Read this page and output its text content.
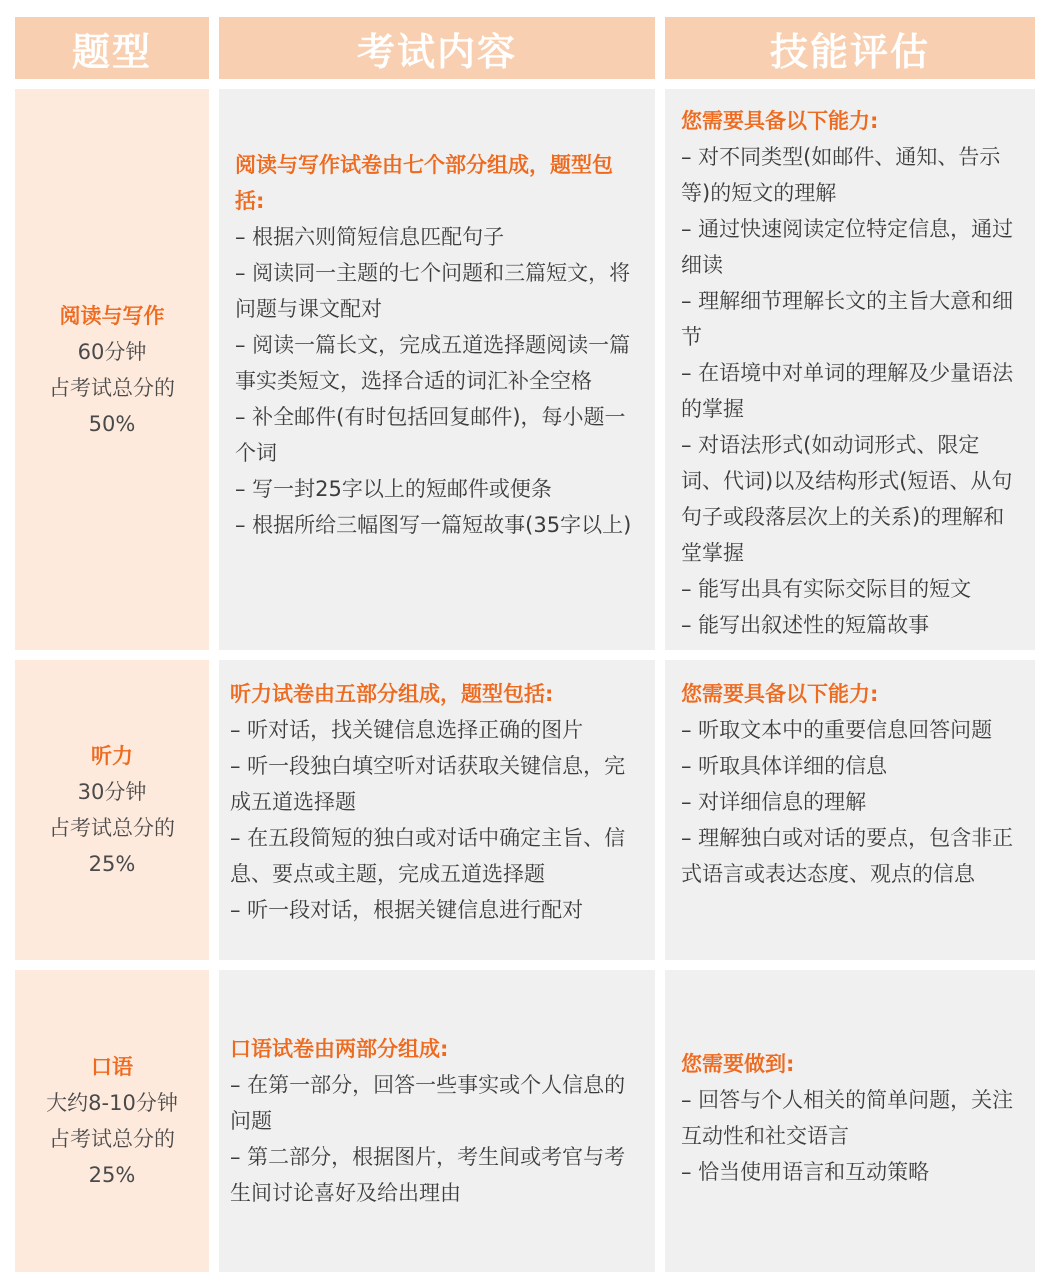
题型	考试内容	技能评估
阅读与写作
60分钟
占考试总分的
50%

阅读与写作试卷由七个部分组成，题型包括:

– 根据六则简短信息匹配句子

– 阅读同一主题的七个问题和三篇短文，将问题与课文配对

– 阅读一篇长文，完成五道选择题阅读一篇事实类短文，选择合适的词汇补全空格

– 补全邮件(有时包括回复邮件)，每小题一个词

– 写一封25字以上的短邮件或便条

– 根据所给三幅图写一篇短故事(35字以上)

您需要具备以下能力:

– 对不同类型(如邮件、通知、告示等)的短文的理解

– 通过快速阅读定位特定信息，通过细读

– 理解细节理解长文的主旨大意和细节

– 在语境中对单词的理解及少量语法的掌握

– 对语法形式(如动词形式、限定词、代词)以及结构形式(短语、从句句子或段落层次上的关系)的理解和堂掌握

– 能写出具有实际交际目的短文

– 能写出叙述性的短篇故事

听力
30分钟
占考试总分的
25%

听力试卷由五部分组成，题型包括:

– 听对话，找关键信息选择正确的图片

– 听一段独白填空听对话获取关键信息，完成五道选择题

– 在五段简短的独白或对话中确定主旨、信息、要点或主题，完成五道选择题

– 听一段对话，根据关键信息进行配对

您需要具备以下能力:

– 听取文本中的重要信息回答问题

– 听取具体详细的信息

– 对详细信息的理解

– 理解独白或对话的要点，包含非正式语言或表达态度、观点的信息

口语
大约8-10分钟
占考试总分的
25%

口语试卷由两部分组成:

– 在第一部分，回答一些事实或个人信息的问题

– 第二部分，根据图片，考生间或考官与考生间讨论喜好及给出理由

您需要做到:

– 回答与个人相关的简单问题，关注互动性和社交语言

– 恰当使用语言和互动策略
